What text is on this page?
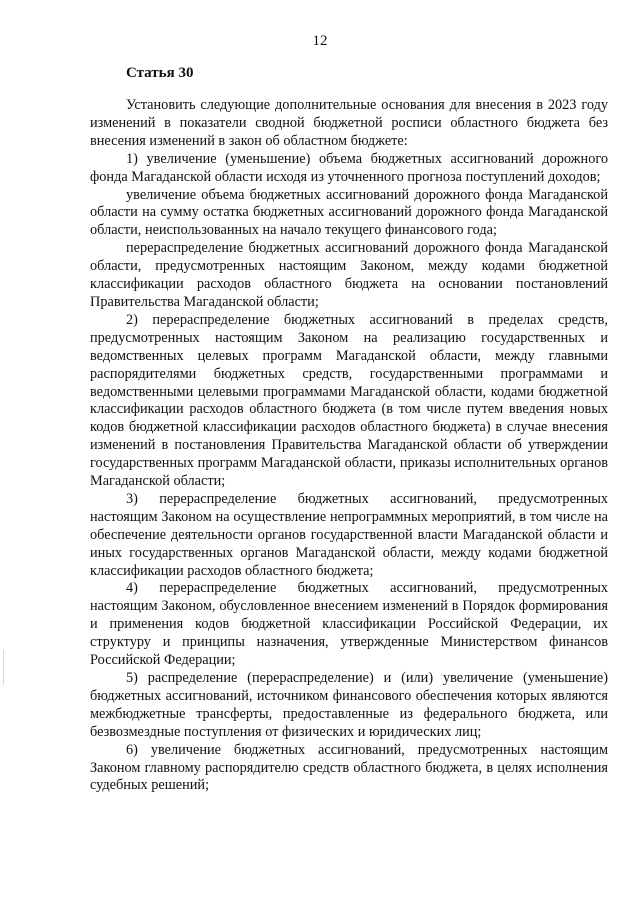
12
Статья 30

Установить следующие дополнительные основания для внесения в 2023 году изменений в показатели сводной бюджетной росписи областного бюджета без внесения изменений в закон об областном бюджете:

1) увеличение (уменьшение) объема бюджетных ассигнований дорожного фонда Магаданской области исходя из уточненного прогноза поступлений доходов;

увеличение объема бюджетных ассигнований дорожного фонда Магаданской области на сумму остатка бюджетных ассигнований дорожного фонда Магаданской области, неиспользованных на начало текущего финансового года;

перераспределение бюджетных ассигнований дорожного фонда Магаданской области, предусмотренных настоящим Законом, между кодами бюджетной классификации расходов областного бюджета на основании постановлений Правительства Магаданской области;

2) перераспределение бюджетных ассигнований в пределах средств, предусмотренных настоящим Законом на реализацию государственных и ведомственных целевых программ Магаданской области, между главными распорядителями бюджетных средств, государственными программами и ведомственными целевыми программами Магаданской области, кодами бюджетной классификации расходов областного бюджета (в том числе путем введения новых кодов бюджетной классификации расходов областного бюджета) в случае внесения изменений в постановления Правительства Магаданской области об утверждении государственных программ Магаданской области, приказы исполнительных органов Магаданской области;

3) перераспределение бюджетных ассигнований, предусмотренных настоящим Законом на осуществление непрограммных мероприятий, в том числе на обеспечение деятельности органов государственной власти Магаданской области и иных государственных органов Магаданской области, между кодами бюджетной классификации расходов областного бюджета;

4) перераспределение бюджетных ассигнований, предусмотренных настоящим Законом, обусловленное внесением изменений в Порядок формирования и применения кодов бюджетной классификации Российской Федерации, их структуру и принципы назначения, утвержденные Министерством финансов Российской Федерации;

5) распределение (перераспределение) и (или) увеличение (уменьшение) бюджетных ассигнований, источником финансового обеспечения которых являются межбюджетные трансферты, предоставленные из федерального бюджета, или безвозмездные поступления от физических и юридических лиц;

6) увеличение бюджетных ассигнований, предусмотренных настоящим Законом главному распорядителю средств областного бюджета, в целях исполнения судебных решений;
